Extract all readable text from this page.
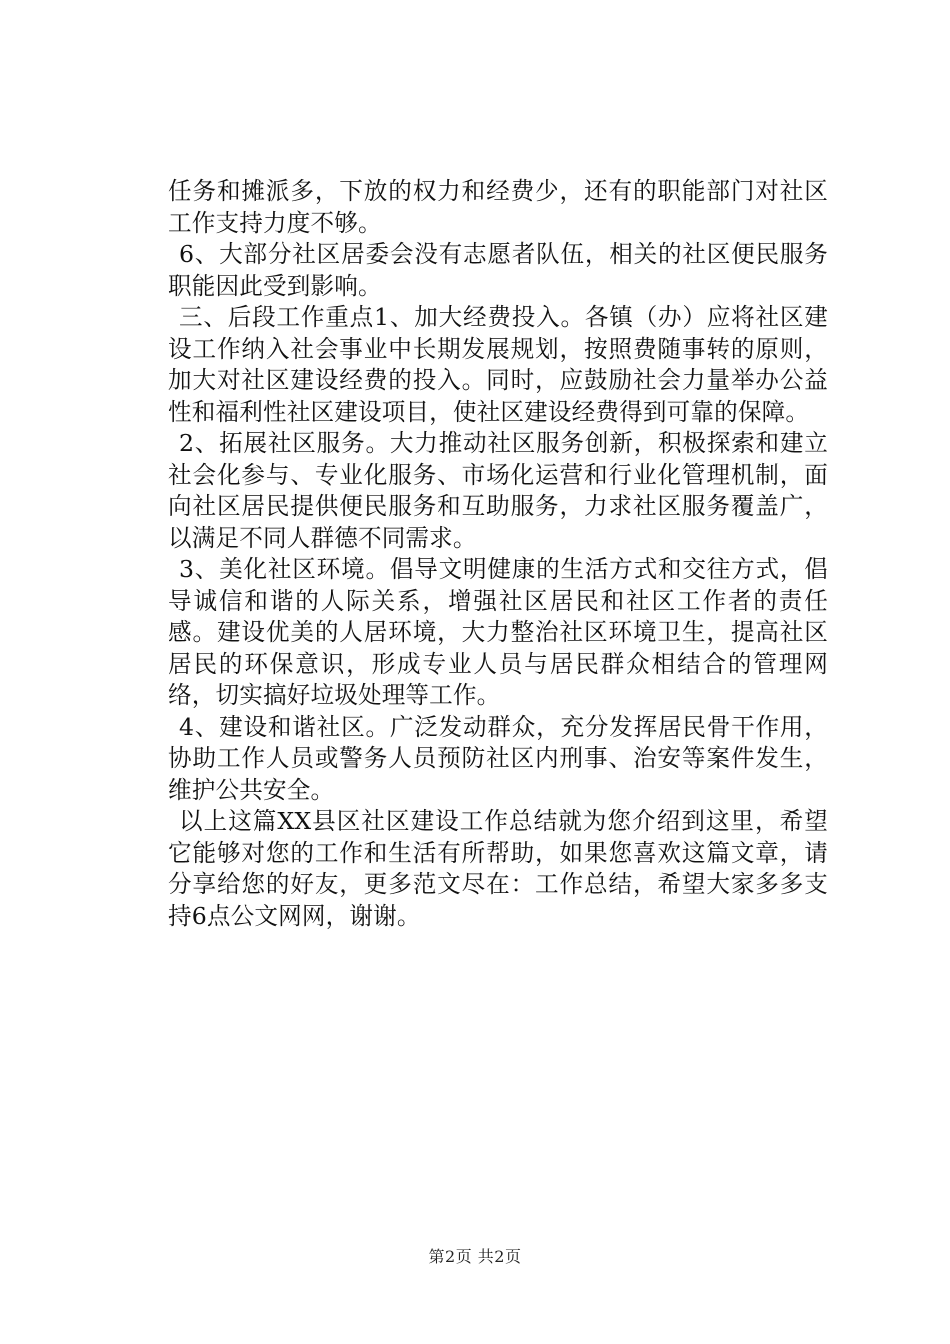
任务和摊派多，下放的权力和经费少，还有的职能部门对社区工作支持力度不够。

6、大部分社区居委会没有志愿者队伍，相关的社区便民服务职能因此受到影响。

三、后段工作重点1、加大经费投入。各镇（办）应将社区建设工作纳入社会事业中长期发展规划，按照费随事转的原则，加大对社区建设经费的投入。同时，应鼓励社会力量举办公益性和福利性社区建设项目，使社区建设经费得到可靠的保障。

2、拓展社区服务。大力推动社区服务创新，积极探索和建立社会化参与、专业化服务、市场化运营和行业化管理机制，面向社区居民提供便民服务和互助服务，力求社区服务覆盖广，以满足不同人群德不同需求。

3、美化社区环境。倡导文明健康的生活方式和交往方式，倡导诚信和谐的人际关系，增强社区居民和社区工作者的责任感。建设优美的人居环境，大力整治社区环境卫生，提高社区居民的环保意识，形成专业人员与居民群众相结合的管理网络，切实搞好垃圾处理等工作。

4、建设和谐社区。广泛发动群众，充分发挥居民骨干作用，协助工作人员或警务人员预防社区内刑事、治安等案件发生，维护公共安全。

以上这篇XX县区社区建设工作总结就为您介绍到这里，希望它能够对您的工作和生活有所帮助，如果您喜欢这篇文章，请分享给您的好友，更多范文尽在：工作总结，希望大家多多支持6点公文网网，谢谢。

第2页 共2页
